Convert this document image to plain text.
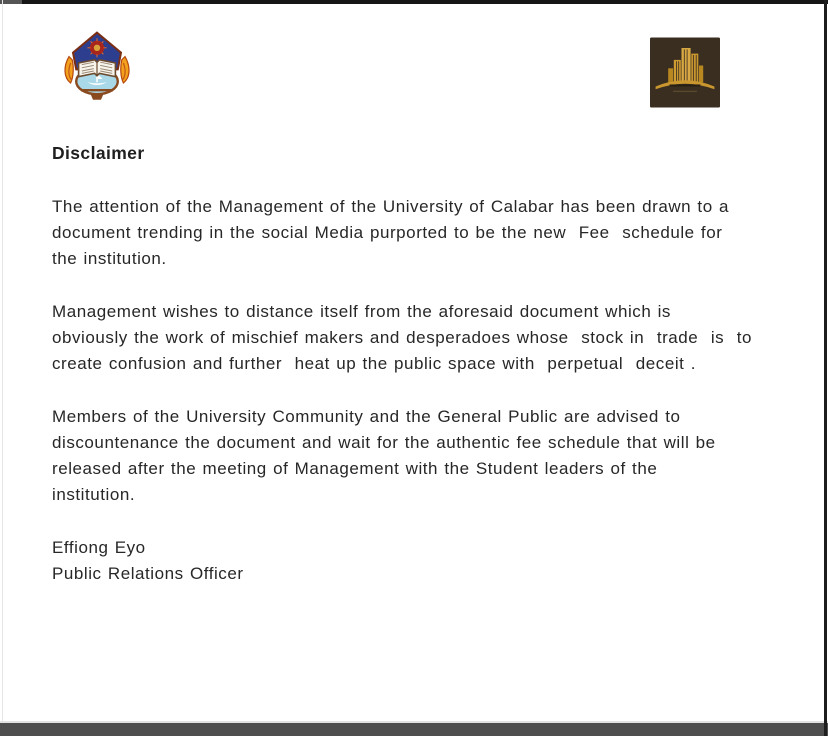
Disclaimer
The attention of the Management of the University of Calabar has been drawn to a
document trending in the social Media purported to be the new  Fee  schedule for
the institution.
Management wishes to distance itself from the aforesaid document which is
obviously the work of mischief makers and desperadoes whose  stock in  trade  is  to
create confusion and further  heat up the public space with  perpetual  deceit .
Members of the University Community and the General Public are advised to
discountenance the document and wait for the authentic fee schedule that will be
released after the meeting of Management with the Student leaders of the
institution.
Effiong Eyo
Public Relations Officer
